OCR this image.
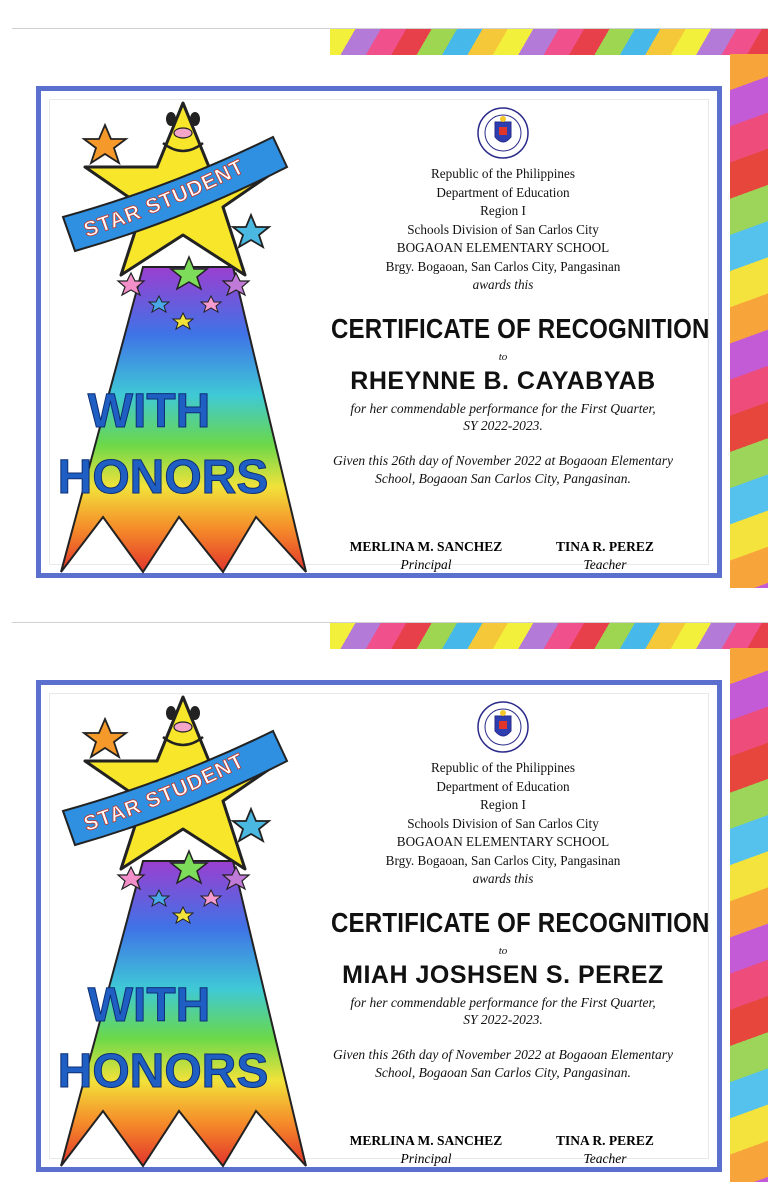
STAR STUDENT
WITH
HONORS
Republic of the Philippines
Department of Education
Region I
Schools Division of San Carlos City
BOGAOAN ELEMENTARY SCHOOL
Brgy. Bogaoan, San Carlos City, Pangasinan
awards this
CERTIFICATE OF RECOGNITION
to
RHEYNNE B. CAYABYAB
for her commendable performance for the First Quarter,
SY 2022-2023.
Given this 26th day of November 2022 at Bogaoan Elementary
School, Bogaoan San Carlos City, Pangasinan.
MERLINA M. SANCHEZ
Principal
TINA R. PEREZ
Teacher
STAR STUDENT
WITH
HONORS
Republic of the Philippines
Department of Education
Region I
Schools Division of San Carlos City
BOGAOAN ELEMENTARY SCHOOL
Brgy. Bogaoan, San Carlos City, Pangasinan
awards this
CERTIFICATE OF RECOGNITION
to
MIAH JOSHSEN S. PEREZ
for her commendable performance for the First Quarter,
SY 2022-2023.
Given this 26th day of November 2022 at Bogaoan Elementary
School, Bogaoan San Carlos City, Pangasinan.
MERLINA M. SANCHEZ
Principal
TINA R. PEREZ
Teacher
